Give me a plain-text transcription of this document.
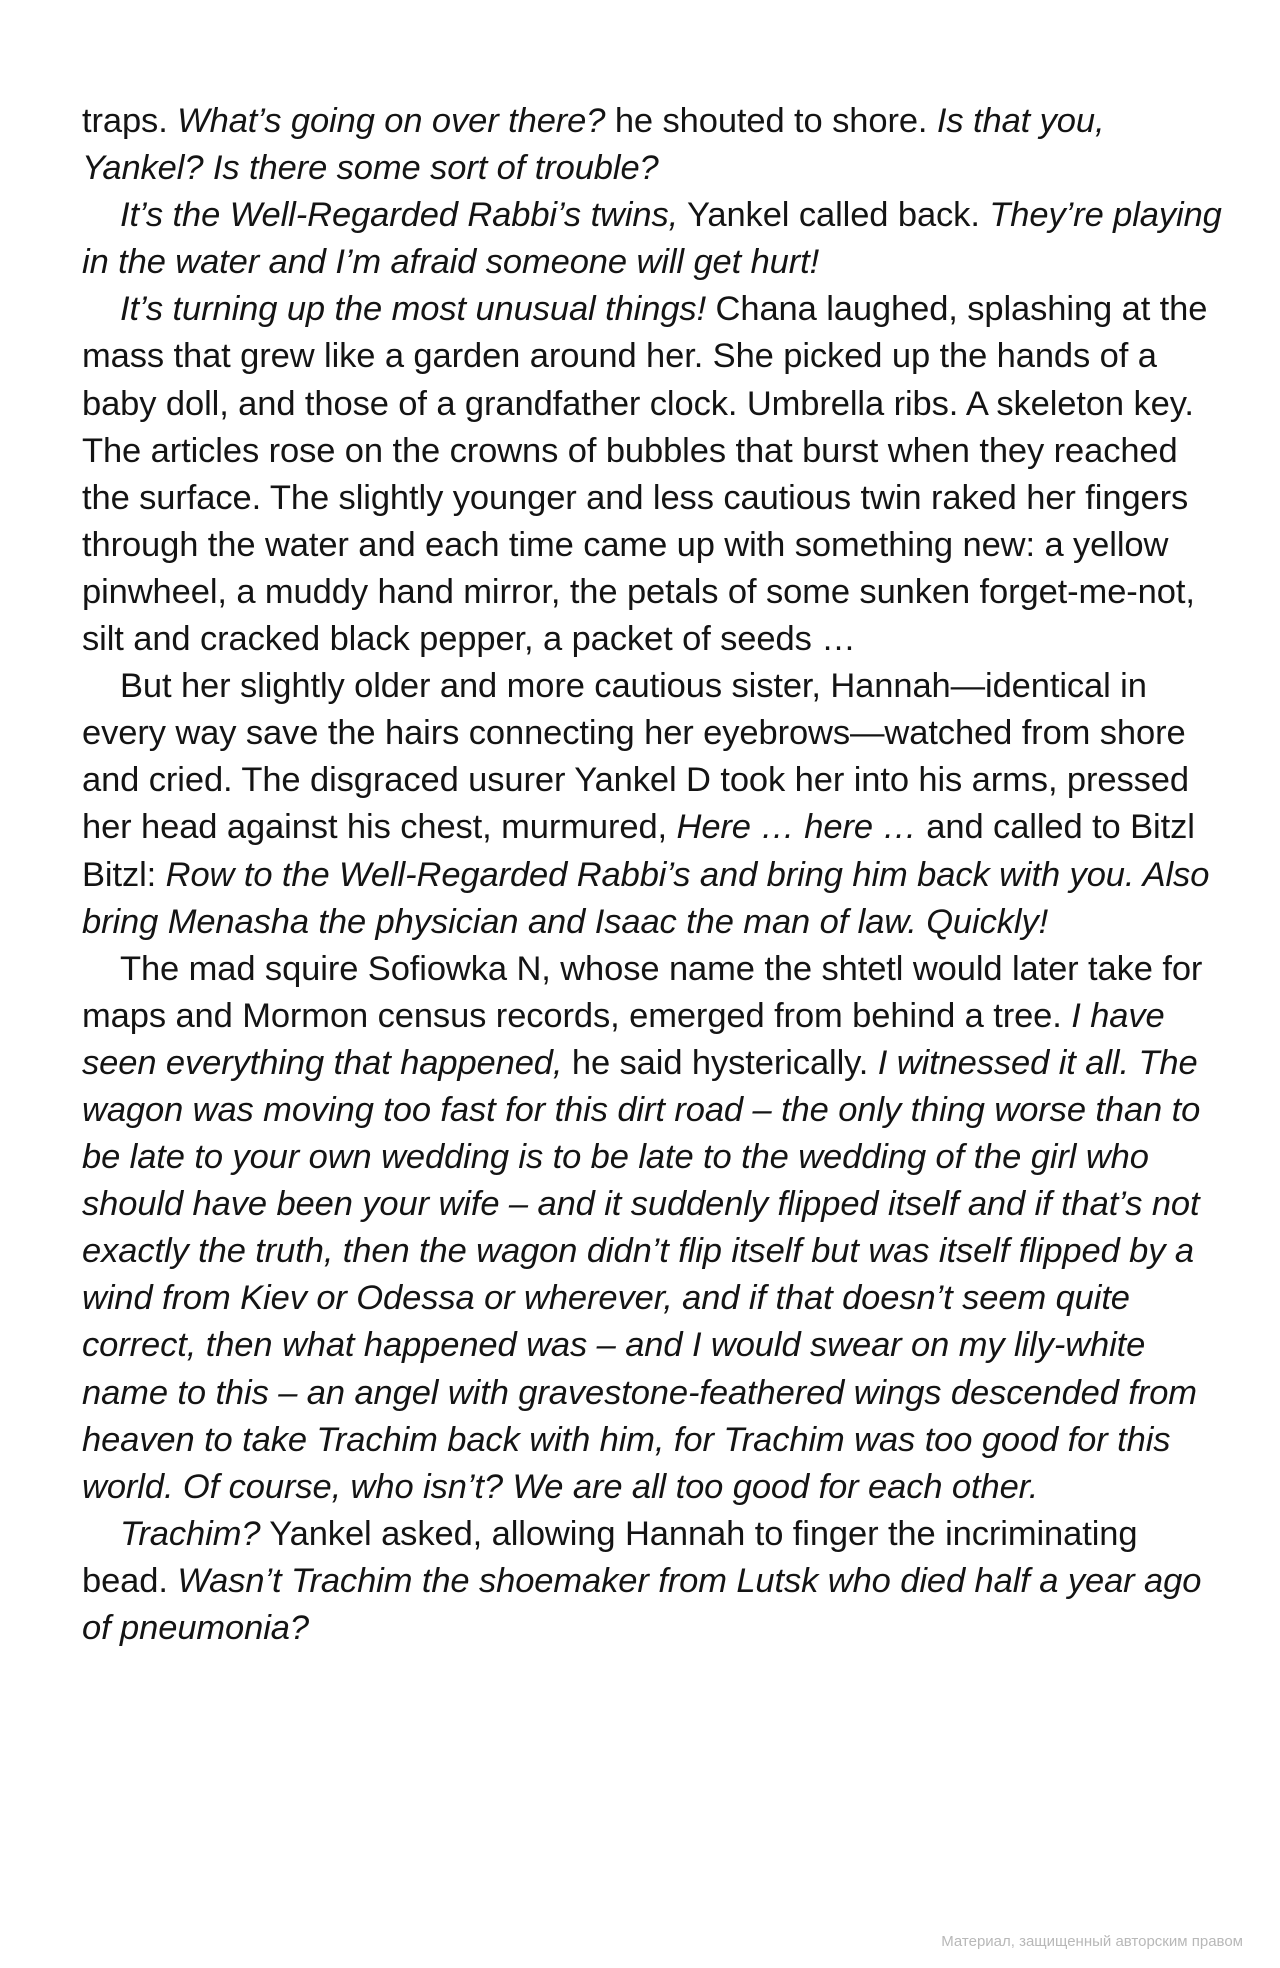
traps. What’s going on over there? he shouted to shore. Is that you, Yankel? Is there some sort of trouble?

It’s the Well-Regarded Rabbi’s twins, Yankel called back. They’re playing in the water and I’m afraid someone will get hurt!

It’s turning up the most unusual things! Chana laughed, splashing at the mass that grew like a garden around her. She picked up the hands of a baby doll, and those of a grandfather clock. Umbrella ribs. A skeleton key. The articles rose on the crowns of bubbles that burst when they reached the surface. The slightly younger and less cautious twin raked her fingers through the water and each time came up with something new: a yellow pinwheel, a muddy hand mirror, the petals of some sunken forget-me-not, silt and cracked black pepper, a packet of seeds …

But her slightly older and more cautious sister, Hannah—identical in every way save the hairs connecting her eyebrows—watched from shore and cried. The disgraced usurer Yankel D took her into his arms, pressed her head against his chest, murmured, Here … here … and called to Bitzl Bitzl: Row to the Well-Regarded Rabbi’s and bring him back with you. Also bring Menasha the physician and Isaac the man of law. Quickly!

The mad squire Sofiowka N, whose name the shtetl would later take for maps and Mormon census records, emerged from behind a tree. I have seen everything that happened, he said hysterically. I witnessed it all. The wagon was moving too fast for this dirt road – the only thing worse than to be late to your own wedding is to be late to the wedding of the girl who should have been your wife – and it suddenly flipped itself and if that’s not exactly the truth, then the wagon didn’t flip itself but was itself flipped by a wind from Kiev or Odessa or wherever, and if that doesn’t seem quite correct, then what happened was – and I would swear on my lily-white name to this – an angel with gravestone-feathered wings descended from heaven to take Trachim back with him, for Trachim was too good for this world. Of course, who isn’t? We are all too good for each other.

Trachim? Yankel asked, allowing Hannah to finger the incriminating bead. Wasn’t Trachim the shoemaker from Lutsk who died half a year ago of pneumonia?

Материал, защищенный авторским правом
